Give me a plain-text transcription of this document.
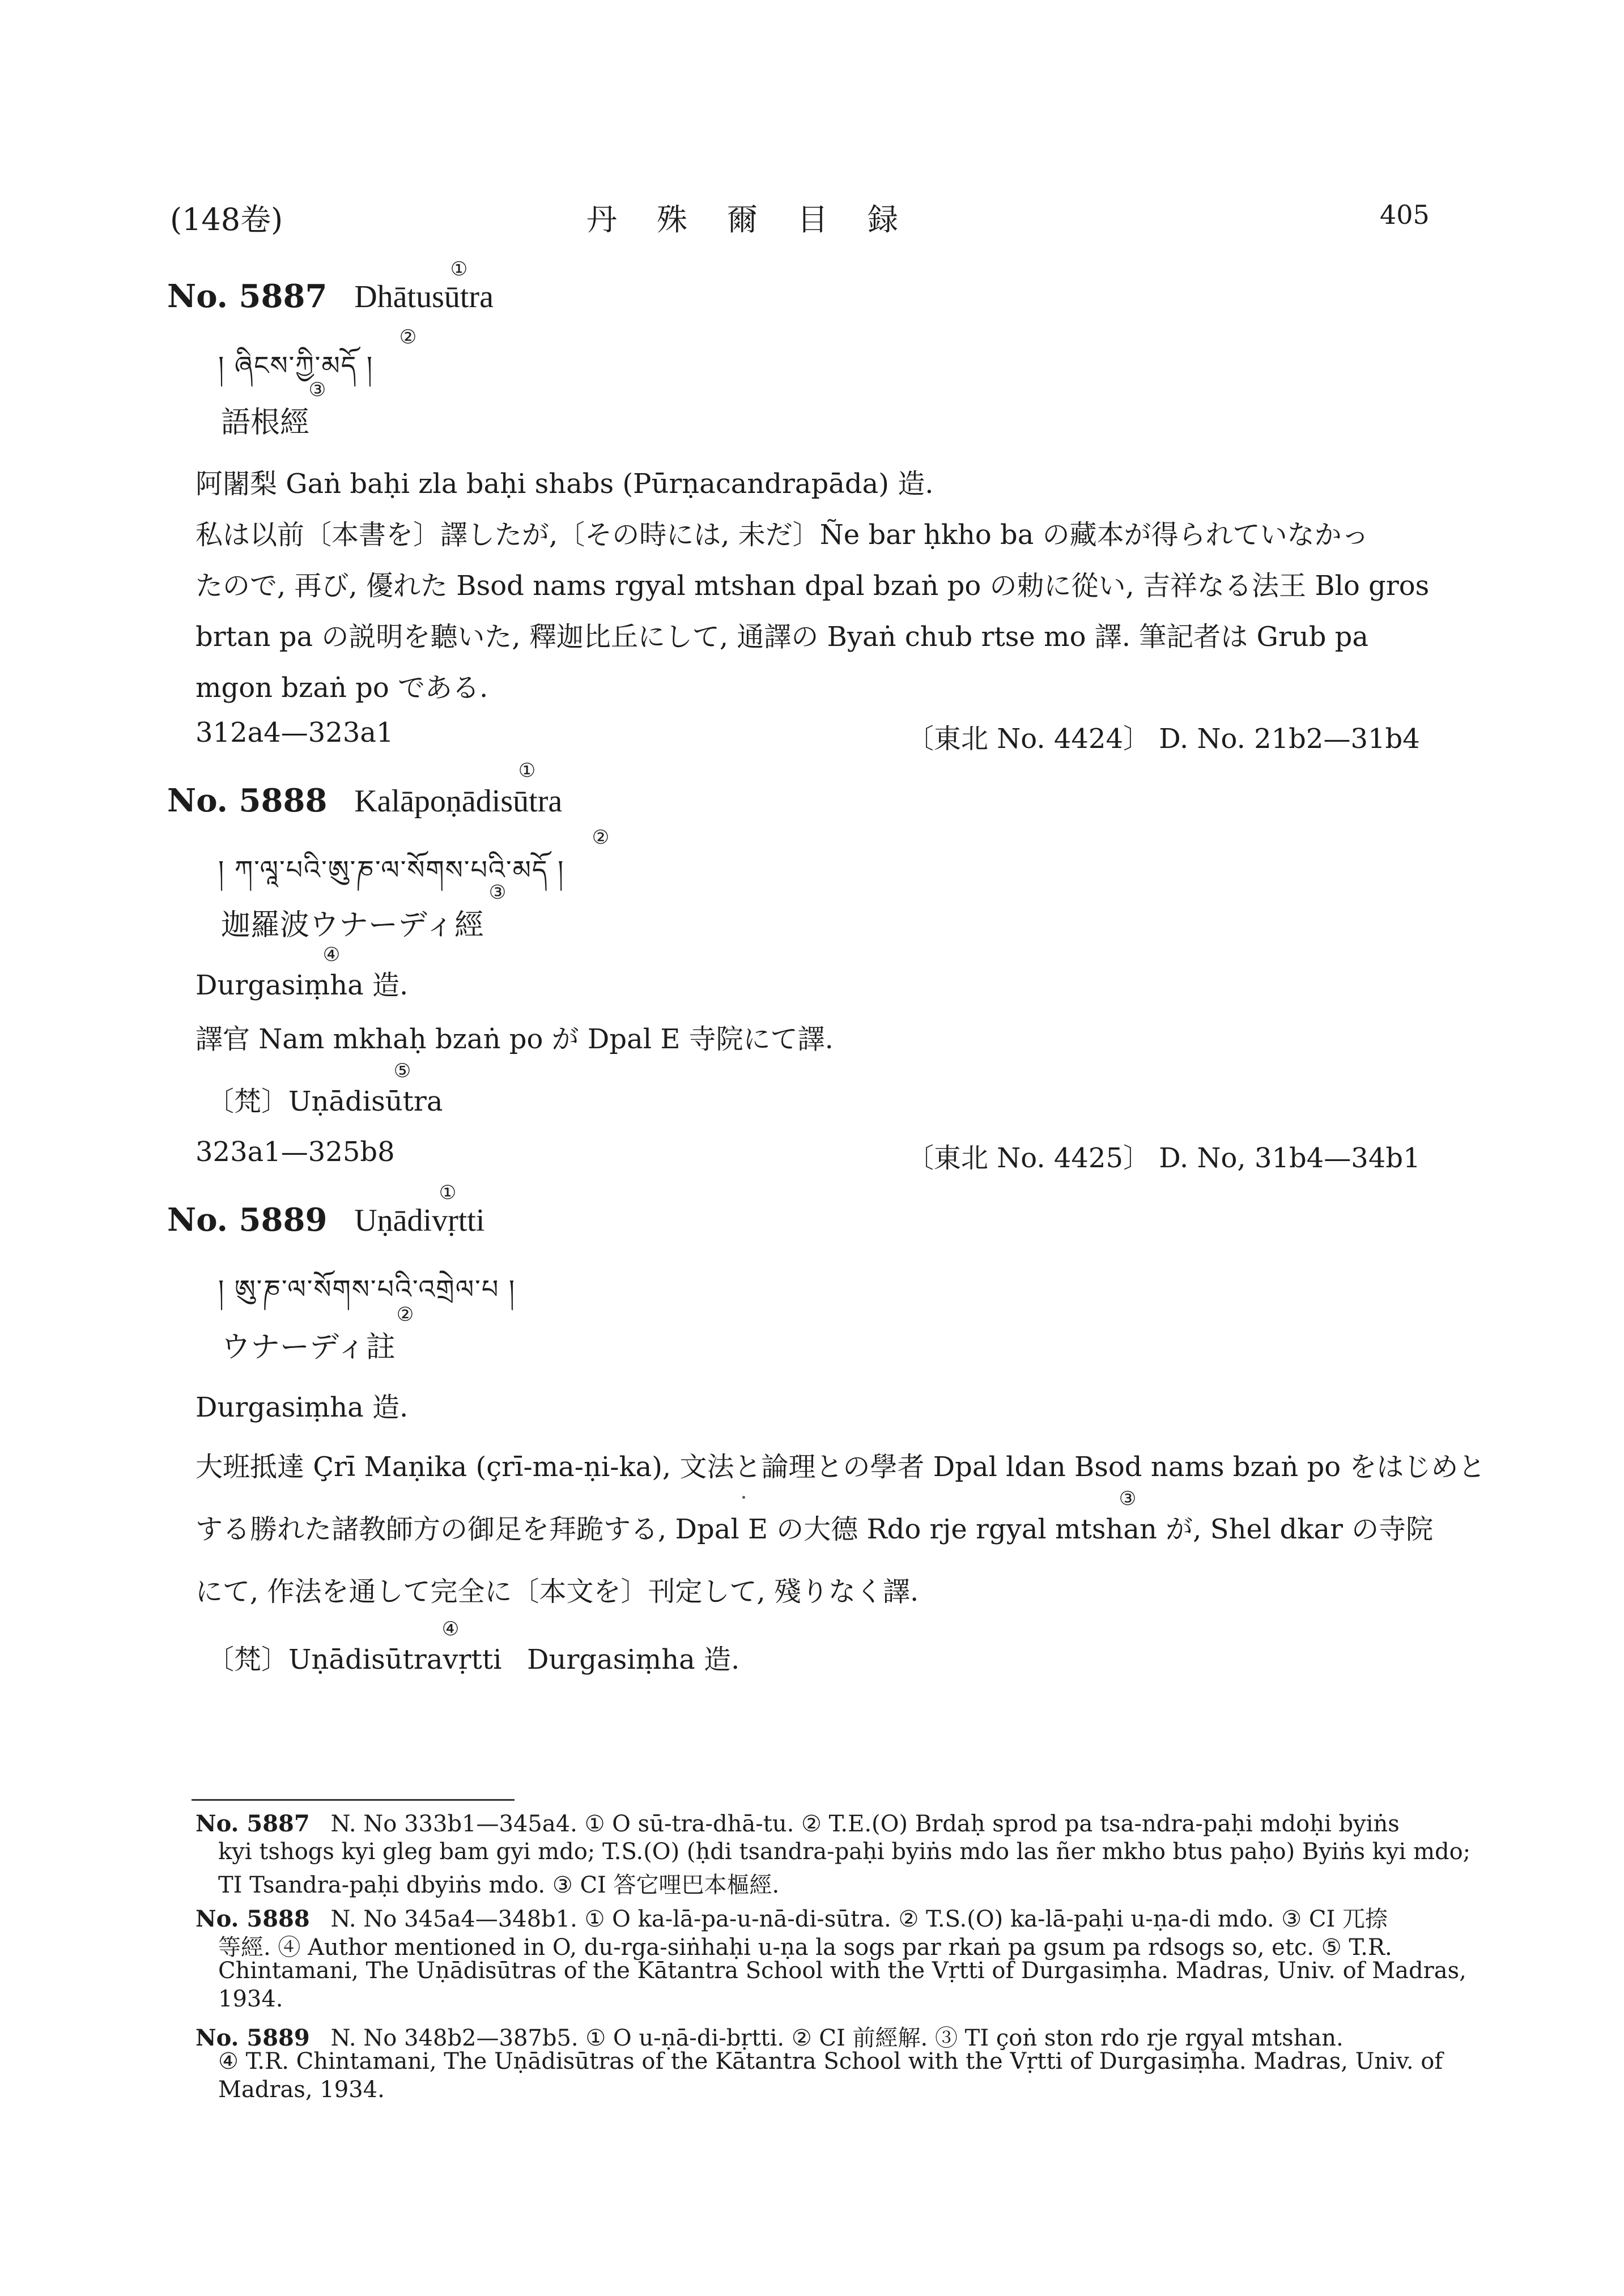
(148卷)	丹　殊　爾　目　録	405
①
No. 5887 Dhātusūtra
། ཞིངས་ཀྱི་མདོ །
②
③
語根經
阿闍梨 Gaṅ baḥi zla baḥi shabs (Pūrṇacandrapāda) 造.
私は以前〔本書を〕譯したが,〔その時には, 未だ〕Ñe bar ḥkho ba の藏本が得られていなかっ
たので, 再び, 優れた Bsod nams rgyal mtshan dpal bzaṅ po の勅に從い, 吉祥なる法王 Blo gros
brtan pa の説明を聽いた, 釋迦比丘にして, 通譯の Byaṅ chub rtse mo 譯. 筆記者は Grub pa
mgon bzaṅ po である.
312a4—323a1	〔東北 No. 4424〕 D. No. 21b2—31b4
①
No. 5888 Kalāpoṇādisūtra
། ཀ་ལཱ་པའི་ཨུ་ཎ་ལ་སོགས་པའི་མདོ །
②
③
迦羅波ウナーディ經
④
Durgasiṃha 造.
譯官 Nam mkhaḥ bzaṅ po が Dpal E 寺院にて譯.
⑤
〔梵〕Uṇādisūtra
323a1—325b8	〔東北 No. 4425〕 D. No, 31b4—34b1
①
No. 5889 Uṇādivṛtti
། ཨུ་ཎ་ལ་སོགས་པའི་འགྲེལ་པ །
②
ウナーディ註
Durgasiṃha 造.
大班抵達 Çrī Maṇika (çrī-ma-ṇi-ka), 文法と論理との學者 Dpal ldan Bsod nams bzaṅ po をはじめと
③
する勝れた諸教師方の御足を拜跪する, Dpal E の大德 Rdo rje rgyal mtshan が, Shel dkar の寺院
にて, 作法を通して完全に〔本文を〕刊定して, 殘りなく譯.
④
〔梵〕Uṇādisūtravṛtti Durgasiṃha 造.
No. 5887 N. No 333b1—345a4. ① O sū-tra-dhā-tu. ② T.E.(O) Brdaḥ sprod pa tsa-ndra-paḥi mdoḥi byiṅs
kyi tshogs kyi gleg bam gyi mdo; T.S.(O) (ḥdi tsandra-paḥi byiṅs mdo las ñer mkho btus paḥo) Byiṅs kyi mdo;
TI Tsandra-paḥi dbyiṅs mdo. ③ CI 答它哩巴本樞經.
No. 5888 N. No 345a4—348b1. ① O ka-lā-pa-u-nā-di-sūtra. ② T.S.(O) ka-lā-paḥi u-ṇa-di mdo. ③ CI 兀捺
等經. ④ Author mentioned in O, du-rga-siṅhaḥi u-ṇa la sogs par rkaṅ pa gsum pa rdsogs so, etc. ⑤ T.R.
Chintamani, The Uṇādisūtras of the Kātantra School with the Vṛtti of Durgasiṃha. Madras, Univ. of Madras,
1934.
No. 5889 N. No 348b2—387b5. ① O u-ṇā-di-bṛtti. ② CI 前經解. ③ TI çoṅ ston rdo rje rgyal mtshan.
④ T.R. Chintamani, The Uṇādisūtras of the Kātantra School with the Vṛtti of Durgasiṃha. Madras, Univ. of
Madras, 1934.
